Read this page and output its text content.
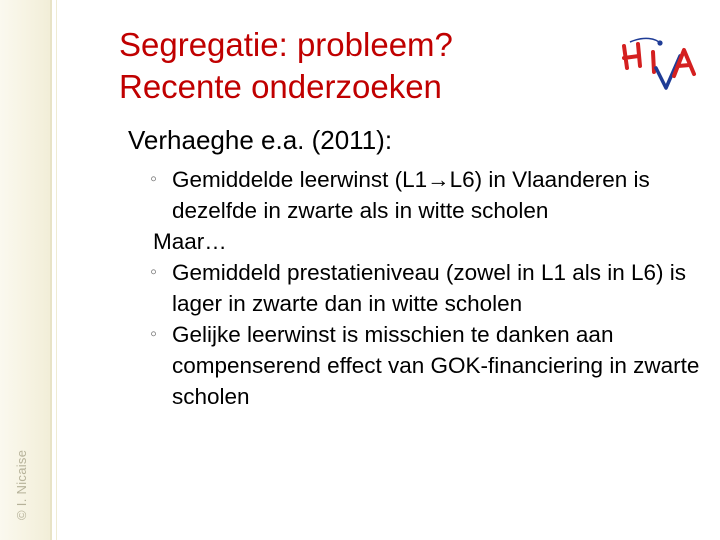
© I. Nicaise
Segregatie: probleem?
Recente onderzoeken
Verhaeghe e.a. (2011):
◦ Gemiddelde leerwinst (L1→L6) in Vlaanderen is dezelfde in zwarte als in witte scholen
Maar…
◦ Gemiddeld prestatieniveau (zowel in L1 als in L6) is lager in zwarte dan in witte scholen
◦ Gelijke leerwinst is misschien te danken aan compenserend effect van GOK-financiering in zwarte scholen
